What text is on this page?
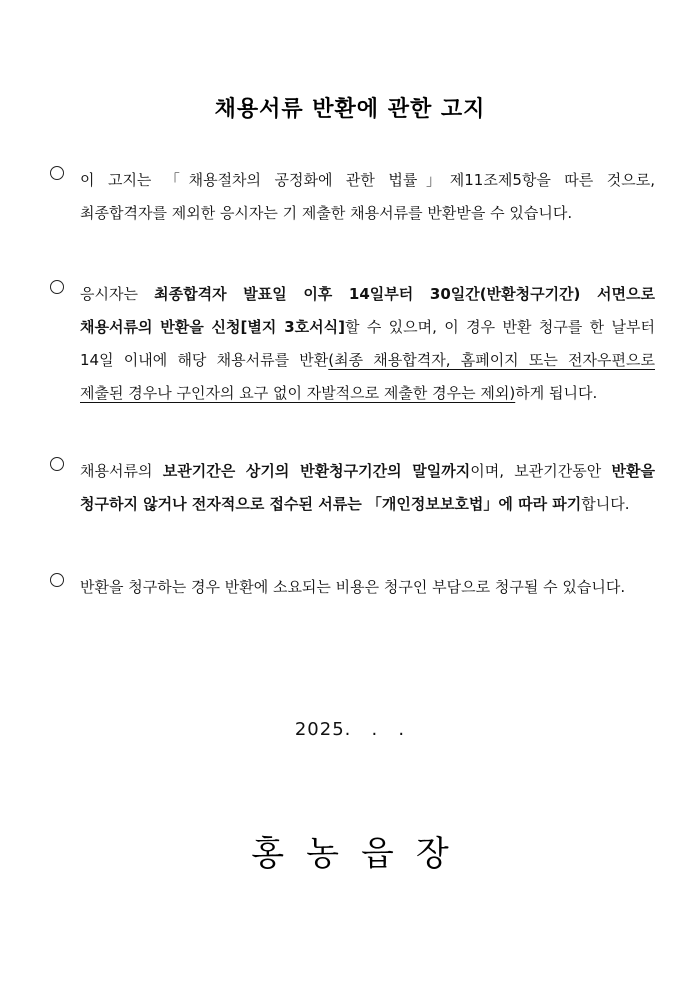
채용서류 반환에 관한 고지
이 고지는 「채용절차의 공정화에 관한 법률」제11조제5항을 따른 것으로, 최종합격자를 제외한 응시자는 기 제출한 채용서류를 반환받을 수 있습니다.
응시자는 최종합격자 발표일 이후 14일부터 30일간(반환청구기간) 서면으로 채용서류의 반환을 신청[별지 3호서식]할 수 있으며, 이 경우 반환 청구를 한 날부터 14일 이내에 해당 채용서류를 반환(최종 채용합격자, 홈페이지 또는 전자우편으로 제출된 경우나 구인자의 요구 없이 자발적으로 제출한 경우는 제외)하게 됩니다.
채용서류의 보관기간은 상기의 반환청구기간의 말일까지이며, 보관기간동안 반환을 청구하지 않거나 전자적으로 접수된 서류는 「개인정보보호법」에 따라 파기합니다.
반환을 청구하는 경우 반환에 소요되는 비용은 청구인 부담으로 청구될 수 있습니다.
2025.   .   .
홍농읍장
